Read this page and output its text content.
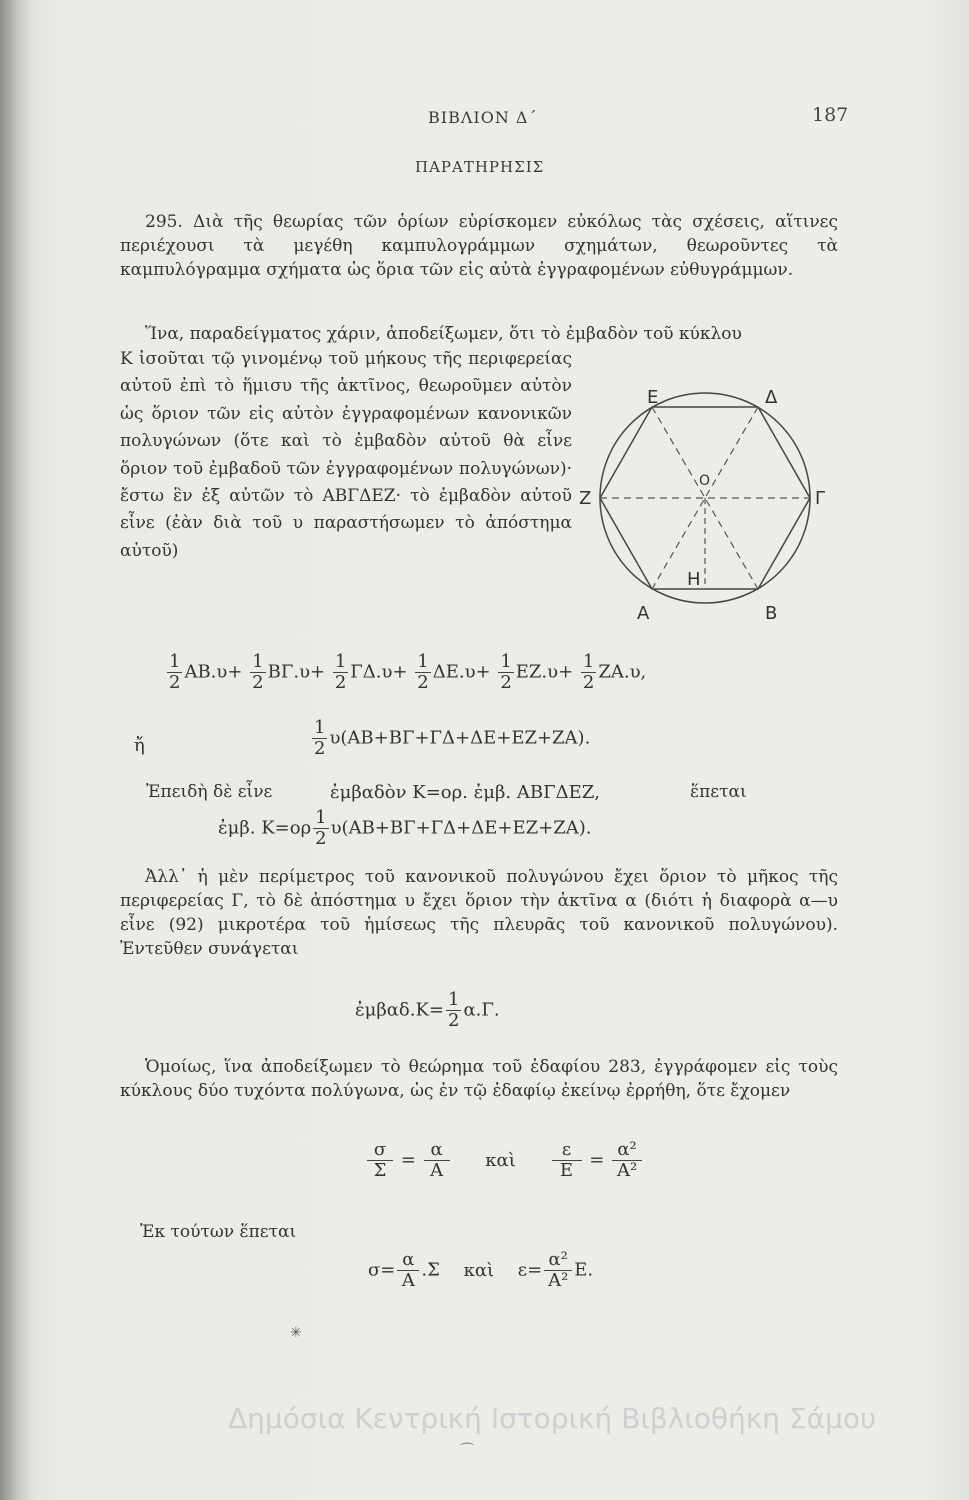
ΒΙΒΛΙΟΝ Δ΄	187
ΠΑΡΑΤΗΡΗΣΙΣ

295. Διὰ τῆς θεωρίας τῶν ὁρίων εὑρίσκομεν εὐκόλως τὰς σχέσεις, αἵτινες περιέχουσι τὰ μεγέθη καμπυλογράμμων σχημάτων, θεωροῦντες τὰ καμπυλόγραμμα σχήματα ὡς ὅρια τῶν εἰς αὐτὰ ἐγγραφομένων εὐθυγράμμων.

Ἵνα, παραδείγματος χάριν, ἀποδείξωμεν, ὅτι τὸ ἐμβαδὸν τοῦ κύκλου

Κ ἰσοῦται τῷ γινομένῳ τοῦ μήκους τῆς περιφερείας αὐτοῦ ἐπὶ τὸ ἥμισυ τῆς ἀκτῖνος, θεωροῦμεν αὐτὸν ὡς ὅριον τῶν εἰς αὐτὸν ἐγγραφομένων κανονικῶν πολυγώνων (ὅτε καὶ τὸ ἐμβαδὸν αὐτοῦ θὰ εἶνε ὅριον τοῦ ἐμβαδοῦ τῶν ἐγγραφομένων πολυγώνων)· ἔστω ἓν ἐξ αὐτῶν τὸ ΑΒΓΔΕΖ· τὸ ἐμβαδὸν αὐτοῦ εἶνε (ἐὰν διὰ τοῦ υ παραστήσωμεν τὸ ἀπόστημα αὐτοῦ)

Ε	Δ
Ζ	Γ
Ο
Η
Α	Β
$\frac{1}{2} AB.\upsilon+ \frac{1}{2} B\Gamma.\upsilon+ \frac{1}{2} \Gamma\Delta.\upsilon+ \frac{1}{2} \Delta E.\upsilon+ \frac{1}{2} EZ.\upsilon+ \frac{1}{2} ZA.\upsilon$,
ἤ	$\frac{1}{2} \upsilon(AB+B\Gamma+\Gamma\Delta+\Delta E+EZ+ZA)$.
Ἐπειδὴ δὲ εἶνε	ἐμβαδὸν Κ=ορ. ἐμβ. ΑΒΓΔΕΖ,	ἕπεται
ἐμβ. $K=o\rho \frac{1}{2} \upsilon(AB+B\Gamma+\Gamma\Delta+\Delta E+EZ+ZA)$.

Ἀλλ᾽ ἡ μὲν περίμετρος τοῦ κανονικοῦ πολυγώνου ἔχει ὅριον τὸ μῆκος τῆς περιφερείας Γ, τὸ δὲ ἀπόστημα υ ἔχει ὅριον τὴν ἀκτῖνα α (διότι ἡ διαφορὰ α—υ εἶνε (92) μικροτέρα τοῦ ἡμίσεως τῆς πλευρᾶς τοῦ κανονικοῦ πολυγώνου). Ἐντεῦθεν συνάγεται

ἐμβαδ.Κ= $\frac{1}{2} \alpha.\Gamma$.

Ὁμοίως, ἵνα ἀποδείξωμεν τὸ θεώρημα τοῦ ἐδαφίου 283, ἐγγράφομεν εἰς τοὺς κύκλους δύο τυχόντα πολύγωνα, ὡς ἐν τῷ ἐδαφίῳ ἐκείνῳ ἐρρήθη, ὅτε ἔχομεν

$\frac{\sigma}{\Sigma} = \frac{\alpha}{A}$ καὶ $\frac{\varepsilon}{E} = \frac{\text{α²}}{\text{Α²}}$
Ἐκ τούτων ἕπεται
$\sigma= \frac{\alpha}{A} .\Sigma$ καὶ $\varepsilon= \frac{\text{α²}}{\text{Α²}} E$.
✳
⌒
Δημόσια Κεντρική Ιστορική Βιβλιοθήκη Σάμου
